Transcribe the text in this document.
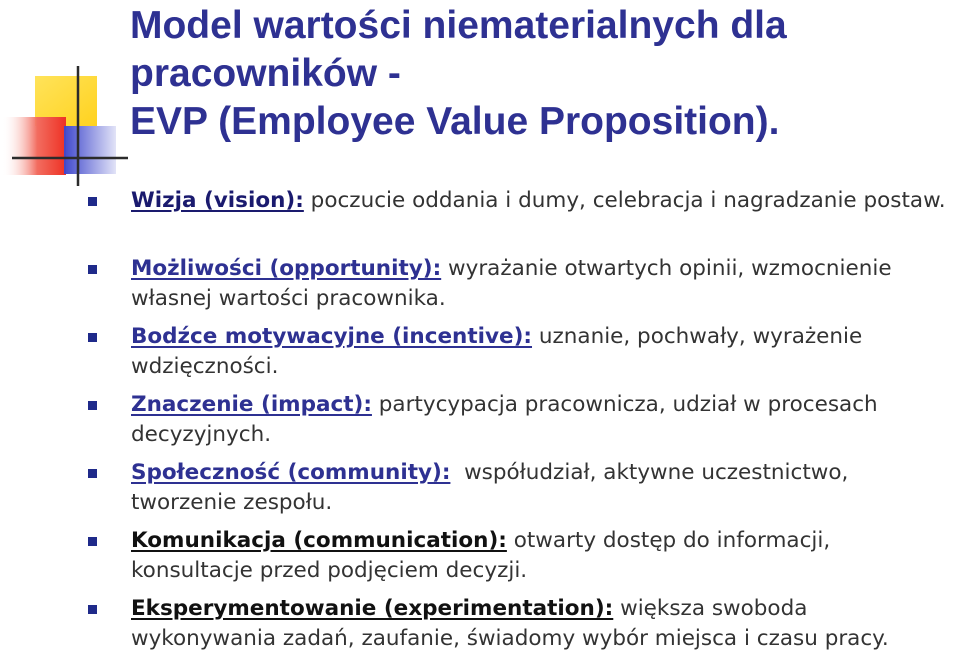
Model wartości niematerialnych dla
pracowników -
EVP (Employee Value Proposition).
Wizja (vision): poczucie oddania i dumy, celebracja i nagradzanie postaw.
Możliwości (opportunity): wyrażanie otwartych opinii, wzmocnienie własnej wartości pracownika.
Bodźce motywacyjne (incentive): uznanie, pochwały, wyrażenie wdzięczności.
Znaczenie (impact): partycypacja pracownicza, udział w procesach decyzyjnych.
Społeczność (community):  współudział, aktywne uczestnictwo, tworzenie zespołu.
Komunikacja (communication): otwarty dostęp do informacji, konsultacje przed podjęciem decyzji.
Eksperymentowanie (experimentation): większa swoboda wykonywania zadań, zaufanie, świadomy wybór miejsca i czasu pracy.
